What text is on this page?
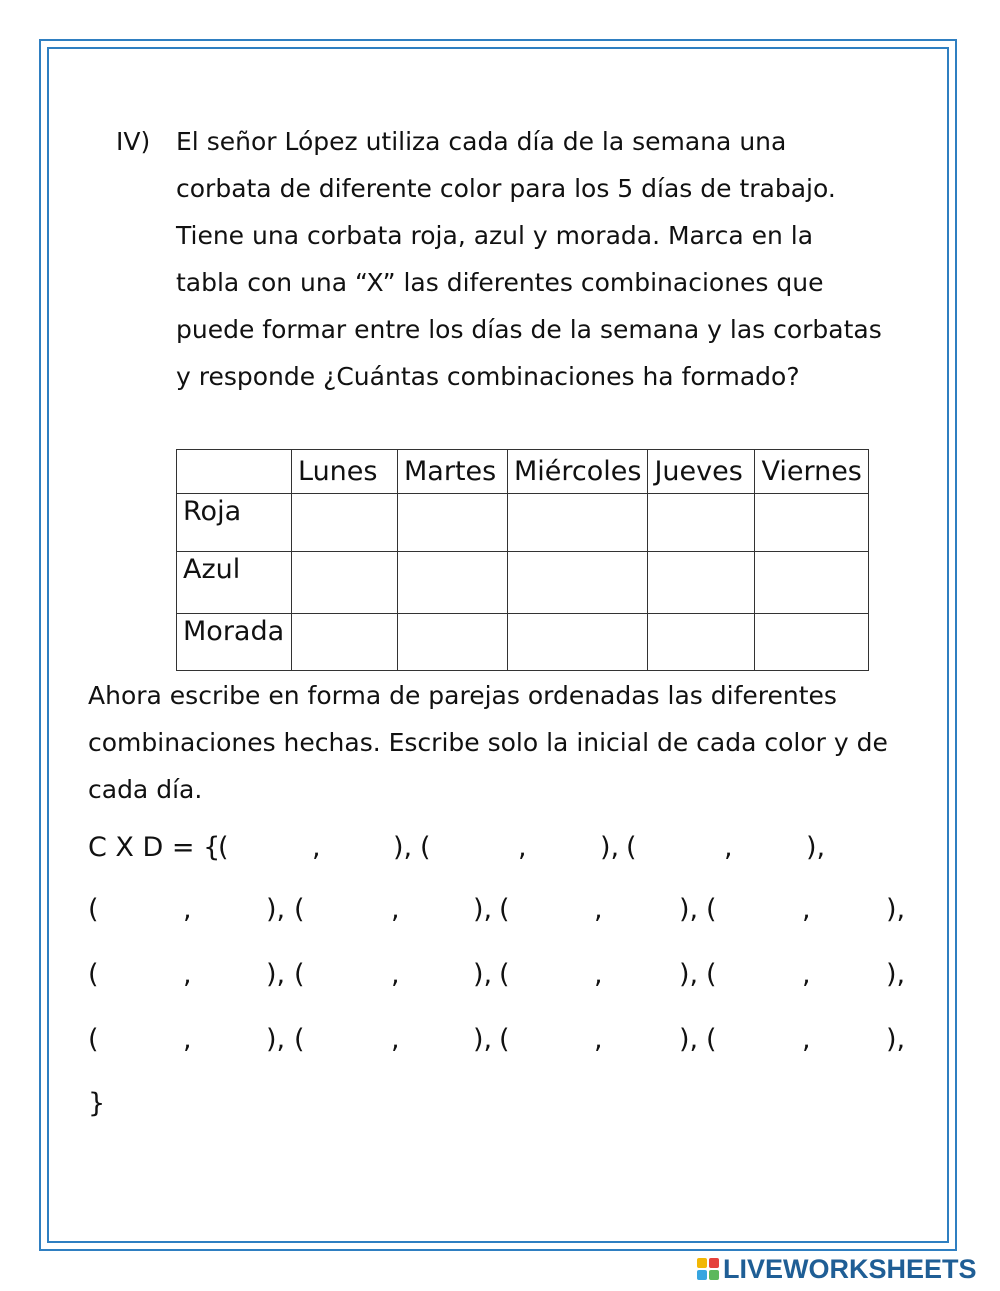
IV) El señor López utiliza cada día de la semana una
corbata de diferente color para los 5 días de trabajo.
Tiene una corbata roja, azul y morada. Marca en la
tabla con una “X” las diferentes combinaciones que
puede formar entre los días de la semana y las corbatas
y responde ¿Cuántas combinaciones ha formado?
	Lunes	Martes	Miércoles	Jueves	Viernes
Roja					
Azul					
Morada					
Ahora escribe en forma de parejas ordenadas las diferentes
combinaciones hechas. Escribe solo la inicial de cada color y de
cada día.
C X D = {
(	,	), (	,	), (	,	),
(	,	), (	,	), (	,	), (	,	),
(	,	), (	,	), (	,	), (	,	),
(	,	), (	,	), (	,	), (	,	),
}
LIVEWORKSHEETS
